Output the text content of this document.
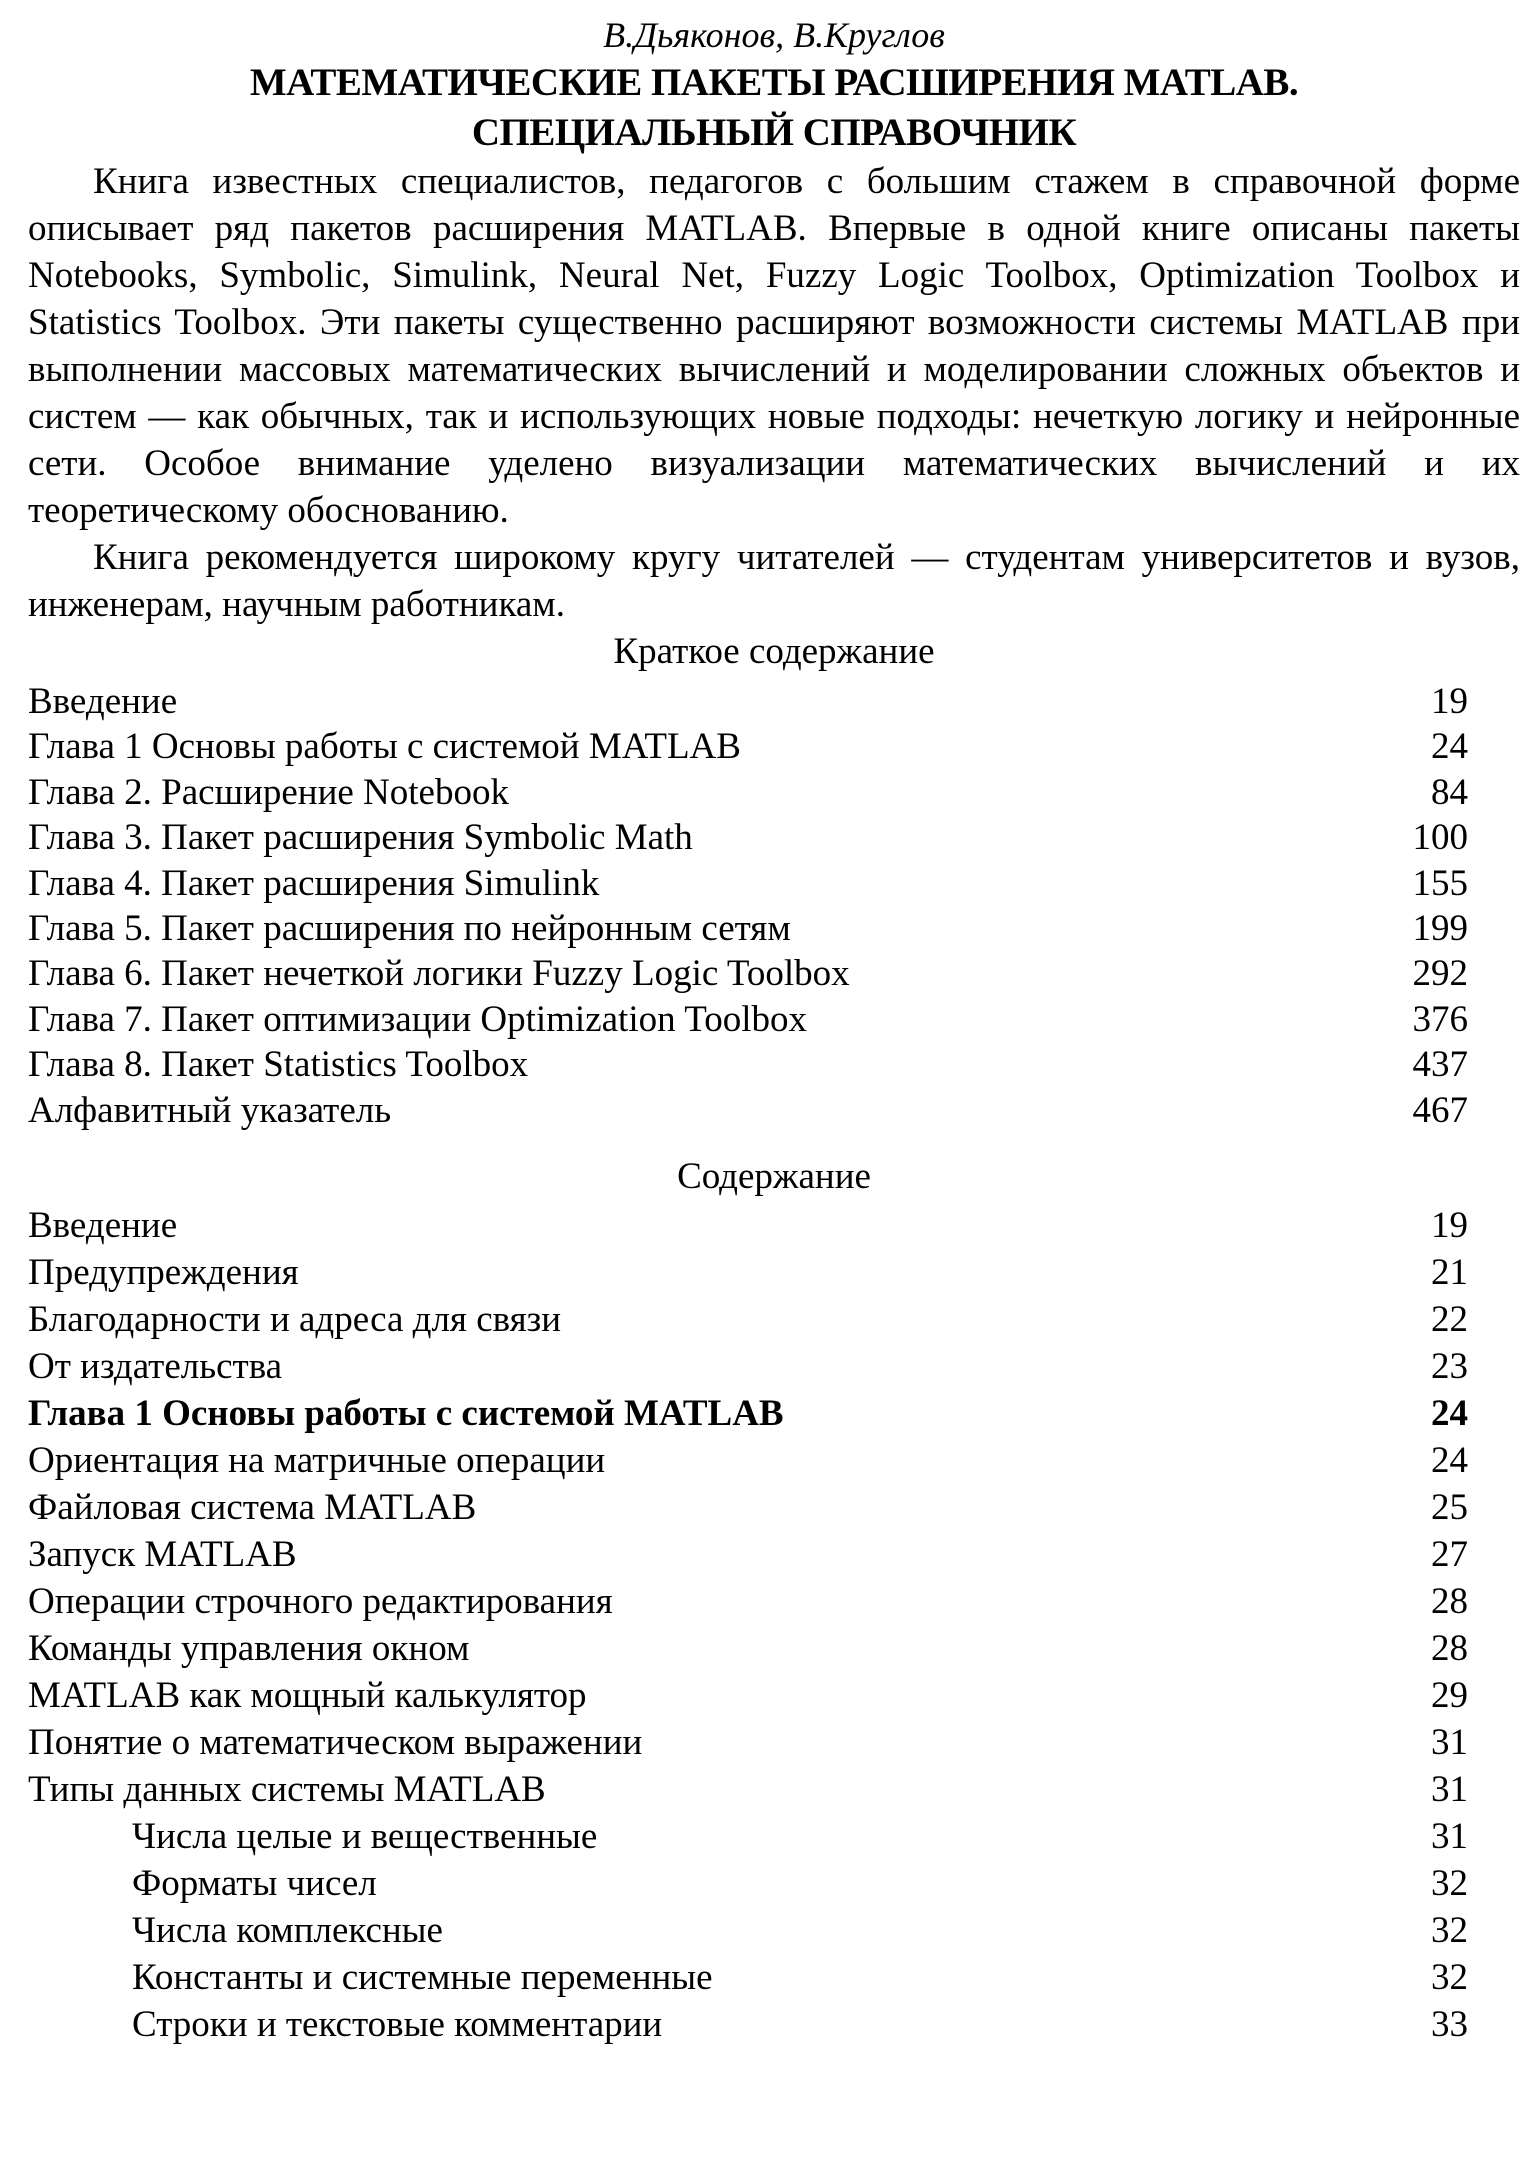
В.Дьяконов, В.Круглов
МАТЕМАТИЧЕСКИЕ ПАКЕТЫ РАСШИРЕНИЯ MATLAB.
СПЕЦИАЛЬНЫЙ СПРАВОЧНИК

Книга известных специалистов, педагогов с большим стажем в справочной форме описывает ряд пакетов расширения MATLAB. Впервые в одной книге описаны пакеты Notebooks, Symbolic, Simulink, Neural Net, Fuzzy Logic Toolbox, Optimization Toolbox и Statistics Toolbox. Эти пакеты существенно расширяют возможности системы MATLAB при выполнении массовых математических вычислений и моделировании сложных объектов и систем — как обычных, так и использующих новые подходы: нечеткую логику и нейронные сети. Особое внимание уделено визуализации математических вычислений и их теоретическому обоснованию.

Книга рекомендуется широкому кругу читателей — студентам университетов и вузов, инженерам, научным работникам.

Краткое содержание
Введение	19
Глава 1 Основы работы с системой MATLAB	24
Глава 2. Расширение Notebook	84
Глава 3. Пакет расширения Symbolic Math	100
Глава 4. Пакет расширения Simulink	155
Глава 5. Пакет расширения по нейронным сетям	199
Глава 6. Пакет нечеткой логики Fuzzy Logic Toolbox	292
Глава 7. Пакет оптимизации Optimization Toolbox	376
Глава 8. Пакет Statistics Toolbox	437
Алфавитный указатель	467
Содержание
Введение	19
Предупреждения	21
Благодарности и адреса для связи	22
От издательства	23
Глава 1 Основы работы с системой MATLAB	24
Ориентация на матричные операции	24
Файловая система MATLAB	25
Запуск MATLAB	27
Операции строчного редактирования	28
Команды управления окном	28
MATLAB как мощный калькулятор	29
Понятие о математическом выражении	31
Типы данных системы MATLAB	31
Числа целые и вещественные	31
Форматы чисел	32
Числа комплексные	32
Константы и системные переменные	32
Строки и текстовые комментарии	33
